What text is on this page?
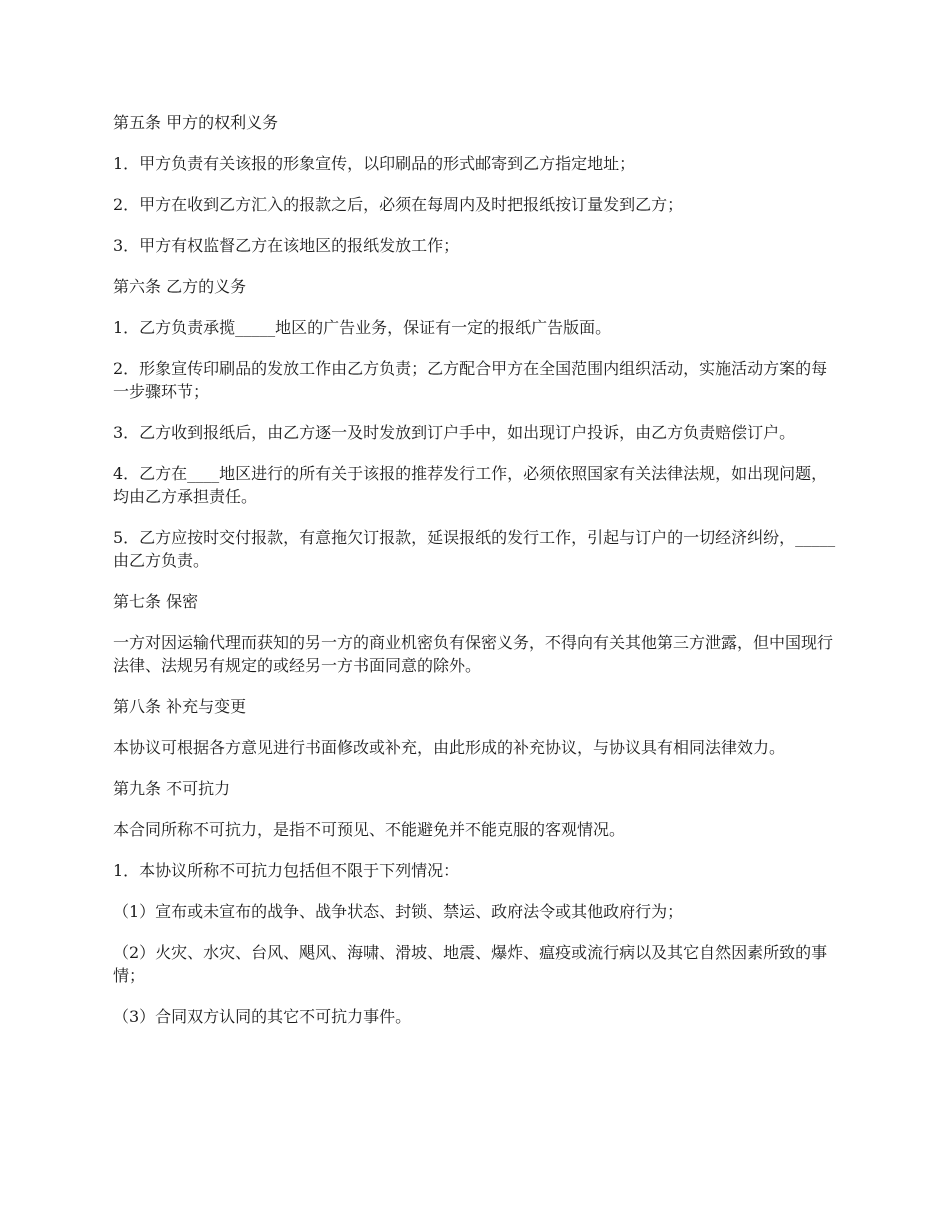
第五条 甲方的权利义务

1．甲方负责有关该报的形象宣传，以印刷品的形式邮寄到乙方指定地址；

2．甲方在收到乙方汇入的报款之后，必须在每周内及时把报纸按订量发到乙方；

3．甲方有权监督乙方在该地区的报纸发放工作；

第六条 乙方的义务

1．乙方负责承揽_____地区的广告业务，保证有一定的报纸广告版面。

2．形象宣传印刷品的发放工作由乙方负责；乙方配合甲方在全国范围内组织活动，实施活动方案的每一步骤环节；

3．乙方收到报纸后，由乙方逐一及时发放到订户手中，如出现订户投诉，由乙方负责赔偿订户。

4．乙方在____地区进行的所有关于该报的推荐发行工作，必须依照国家有关法律法规，如出现问题，均由乙方承担责任。

5．乙方应按时交付报款，有意拖欠订报款，延误报纸的发行工作，引起与订户的一切经济纠纷，_____由乙方负责。

第七条 保密

一方对因运输代理而获知的另一方的商业机密负有保密义务，不得向有关其他第三方泄露，但中国现行法律、法规另有规定的或经另一方书面同意的除外。

第八条 补充与变更

本协议可根据各方意见进行书面修改或补充，由此形成的补充协议，与协议具有相同法律效力。

第九条 不可抗力

本合同所称不可抗力，是指不可预见、不能避免并不能克服的客观情况。

1．本协议所称不可抗力包括但不限于下列情况：

（1）宣布或未宣布的战争、战争状态、封锁、禁运、政府法令或其他政府行为；

（2）火灾、水灾、台风、飓风、海啸、滑坡、地震、爆炸、瘟疫或流行病以及其它自然因素所致的事情；

（3）合同双方认同的其它不可抗力事件。
